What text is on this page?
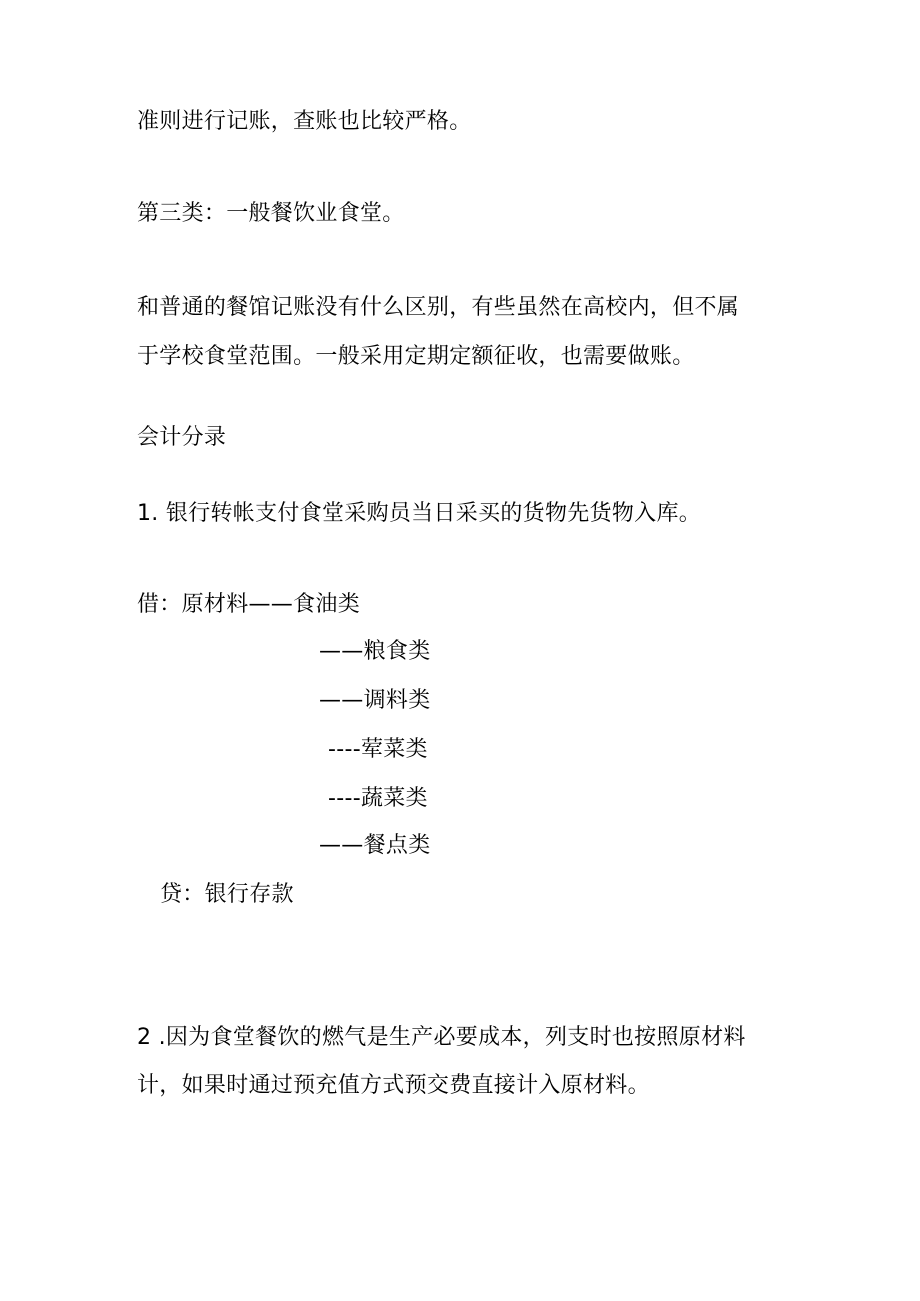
准则进行记账，查账也比较严格。
第三类：一般餐饮业食堂。
和普通的餐馆记账没有什么区别，有些虽然在高校内，但不属
于学校食堂范围。一般采用定期定额征收，也需要做账。
会计分录
1. 银行转帐支付食堂采购员当日采买的货物先货物入库。
借：原材料——食油类
——粮食类
——调料类
----荤菜类
----蔬菜类
——餐点类
贷：银行存款
2 .因为食堂餐饮的燃气是生产必要成本，列支时也按照原材料
计，如果时通过预充值方式预交费直接计入原材料。
